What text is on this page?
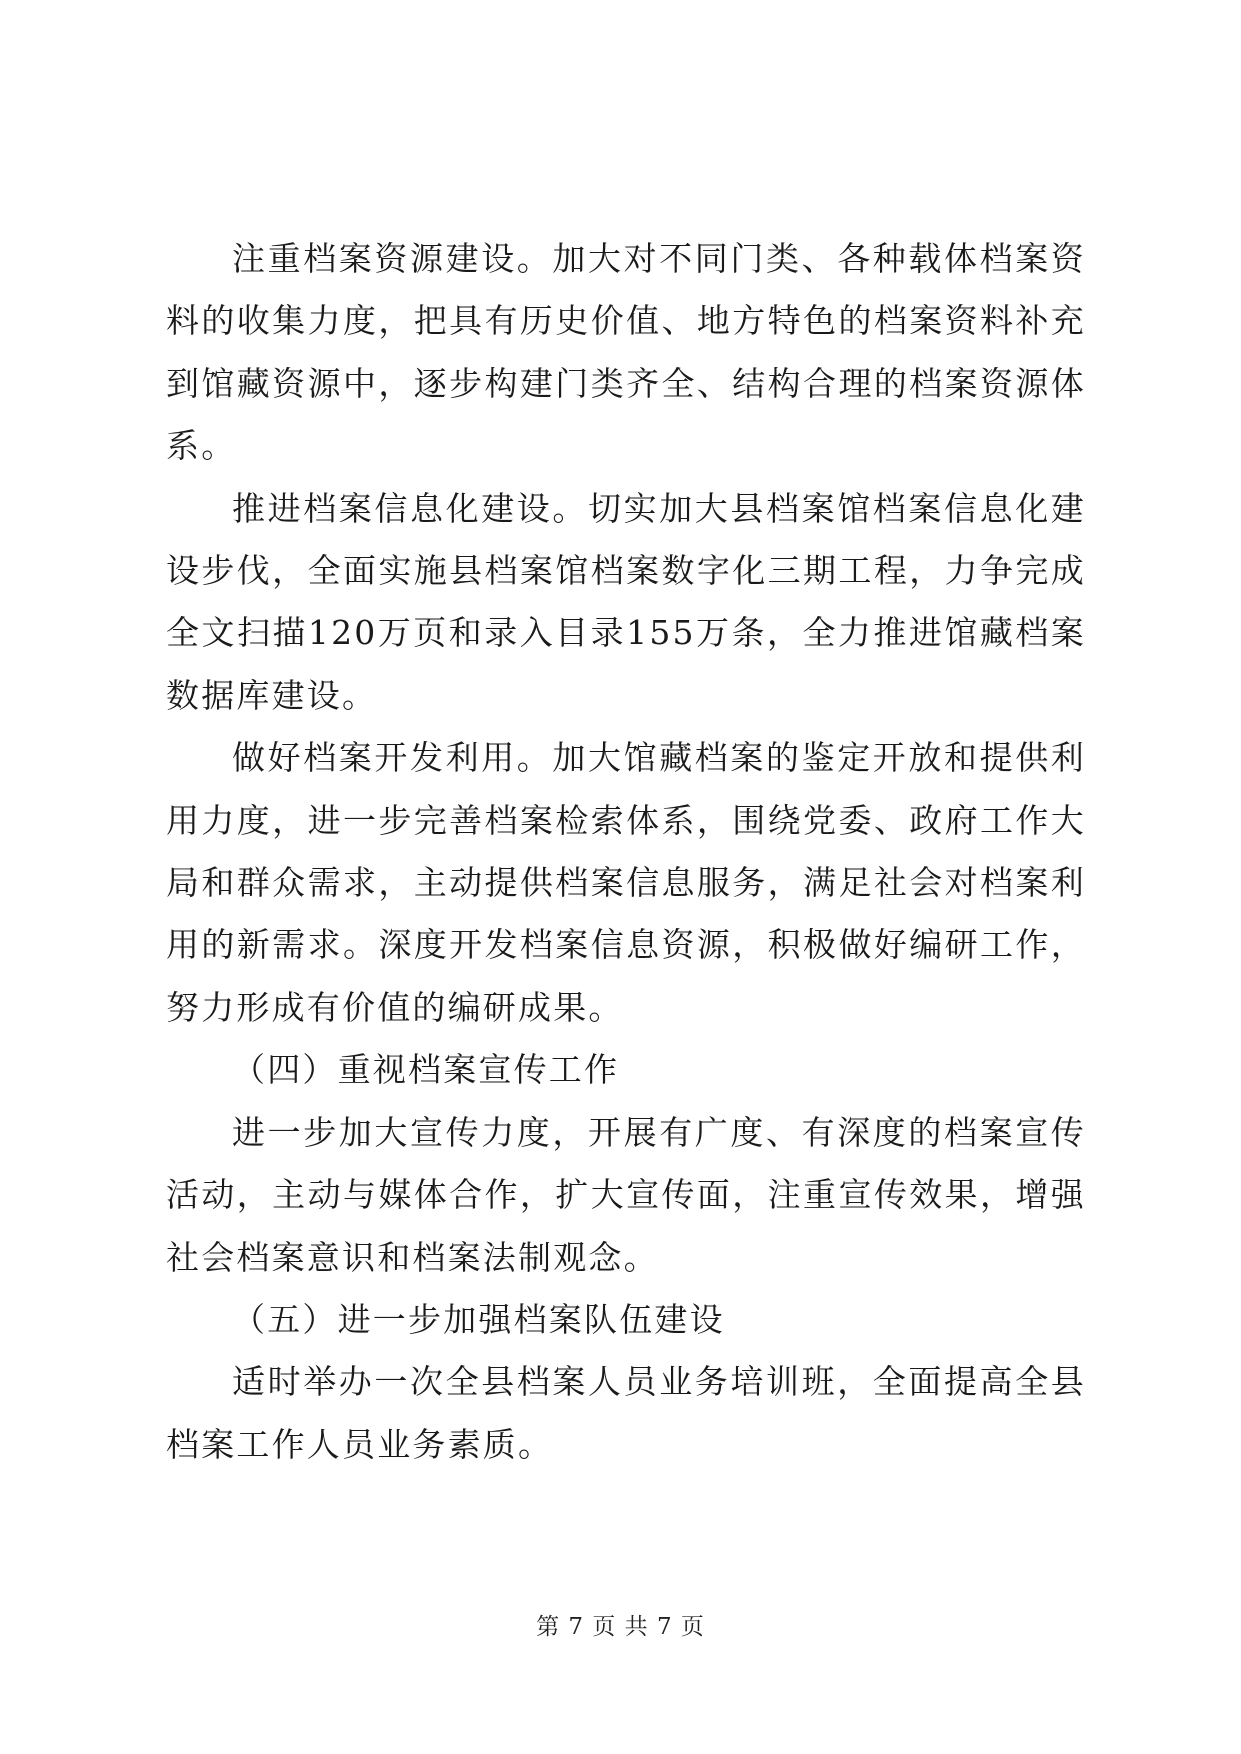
注重档案资源建设。加大对不同门类、各种载体档案资料的收集力度，把具有历史价值、地方特色的档案资料补充到馆藏资源中，逐步构建门类齐全、结构合理的档案资源体系。

推进档案信息化建设。切实加大县档案馆档案信息化建设步伐，全面实施县档案馆档案数字化三期工程，力争完成全文扫描120万页和录入目录155万条，全力推进馆藏档案数据库建设。

做好档案开发利用。加大馆藏档案的鉴定开放和提供利用力度，进一步完善档案检索体系，围绕党委、政府工作大局和群众需求，主动提供档案信息服务，满足社会对档案利用的新需求。深度开发档案信息资源，积极做好编研工作，努力形成有价值的编研成果。

（四）重视档案宣传工作

进一步加大宣传力度，开展有广度、有深度的档案宣传活动，主动与媒体合作，扩大宣传面，注重宣传效果，增强社会档案意识和档案法制观念。

（五）进一步加强档案队伍建设

适时举办一次全县档案人员业务培训班，全面提高全县档案工作人员业务素质。

第 7 页 共 7 页
